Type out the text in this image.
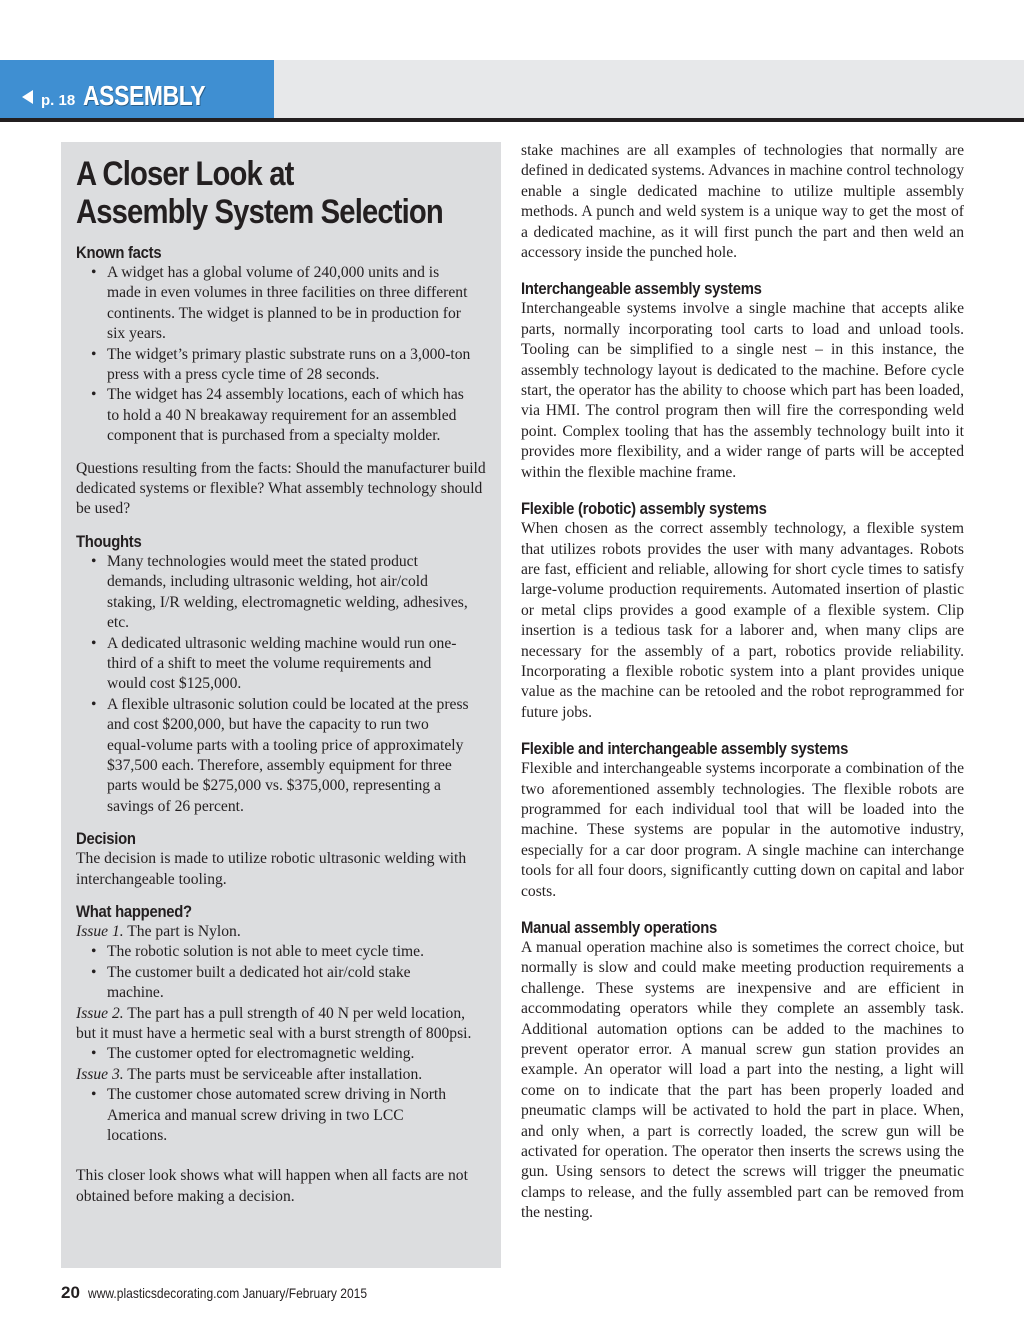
p. 18 ASSEMBLY
A Closer Look at
Assembly System Selection
Known facts
• A widget has a global volume of 240,000 units and is made in even volumes in three facilities on three different continents. The widget is planned to be in production for six years.
• The widget’s primary plastic substrate runs on a 3,000-ton press with a press cycle time of 28 seconds.
• The widget has 24 assembly locations, each of which has to hold a 40 N breakaway requirement for an assembled component that is purchased from a specialty molder.

Questions resulting from the facts: Should the manufacturer build dedicated systems or flexible? What assembly technology should be used?

Thoughts
• Many technologies would meet the stated product demands, including ultrasonic welding, hot air/cold staking, I/R welding, electromagnetic welding, adhesives, etc.
• A dedicated ultrasonic welding machine would run one-third of a shift to meet the volume requirements and would cost $125,000.
• A flexible ultrasonic solution could be located at the press and cost $200,000, but have the capacity to run two equal-volume parts with a tooling price of approximately $37,500 each. Therefore, assembly equipment for three parts would be $275,000 vs. $375,000, representing a savings of 26 percent.
Decision

The decision is made to utilize robotic ultrasonic welding with interchangeable tooling.

What happened?

Issue 1. The part is Nylon.

• The robotic solution is not able to meet cycle time.
• The customer built a dedicated hot air/cold stake machine.

Issue 2. The part has a pull strength of 40 N per weld location, but it must have a hermetic seal with a burst strength of 800psi.

• The customer opted for electromagnetic welding.

Issue 3. The parts must be serviceable after installation.

• The customer chose automated screw driving in North America and manual screw driving in two LCC locations.

This closer look shows what will happen when all facts are not obtained before making a decision.

stake machines are all examples of technologies that normally are defined in dedicated systems. Advances in machine control technology enable a single dedicated machine to utilize multiple assembly methods. A punch and weld system is a unique way to get the most of a dedicated machine, as it will first punch the part and then weld an accessory inside the punched hole.

Interchangeable assembly systems

Interchangeable systems involve a single machine that accepts alike parts, normally incorporating tool carts to load and unload tools. Tooling can be simplified to a single nest – in this instance, the assembly technology layout is dedicated to the machine. Before cycle start, the operator has the ability to choose which part has been loaded, via HMI. The control program then will fire the corresponding weld point. Complex tooling that has the assembly technology built into it provides more flexibility, and a wider range of parts will be accepted within the flexible machine frame.

Flexible (robotic) assembly systems

When chosen as the correct assembly technology, a flexible system that utilizes robots provides the user with many advantages. Robots are fast, efficient and reliable, allowing for short cycle times to satisfy large-volume production requirements. Automated insertion of plastic or metal clips provides a good example of a flexible system. Clip insertion is a tedious task for a laborer and, when many clips are necessary for the assembly of a part, robotics provide reliability. Incorporating a flexible robotic system into a plant provides unique value as the machine can be retooled and the robot reprogrammed for future jobs.

Flexible and interchangeable assembly systems

Flexible and interchangeable systems incorporate a combination of the two aforementioned assembly technologies. The flexible robots are programmed for each individual tool that will be loaded into the machine. These systems are popular in the automotive industry, especially for a car door program. A single machine can interchange tools for all four doors, significantly cutting down on capital and labor costs.

Manual assembly operations

A manual operation machine also is sometimes the correct choice, but normally is slow and could make meeting production requirements a challenge. These systems are inexpensive and are efficient in accommodating operators while they complete an assembly task. Additional automation options can be added to the machines to prevent operator error. A manual screw gun station provides an example. An operator will load a part into the nesting, a light will come on to indicate that the part has been properly loaded and pneumatic clamps will be activated to hold the part in place. When, and only when, a part is correctly loaded, the screw gun will be activated for operation. The operator then inserts the screws using the gun. Using sensors to detect the screws will trigger the pneumatic clamps to release, and the fully assembled part can be removed from the nesting.

20 www.plasticsdecorating.com January/February 2015
